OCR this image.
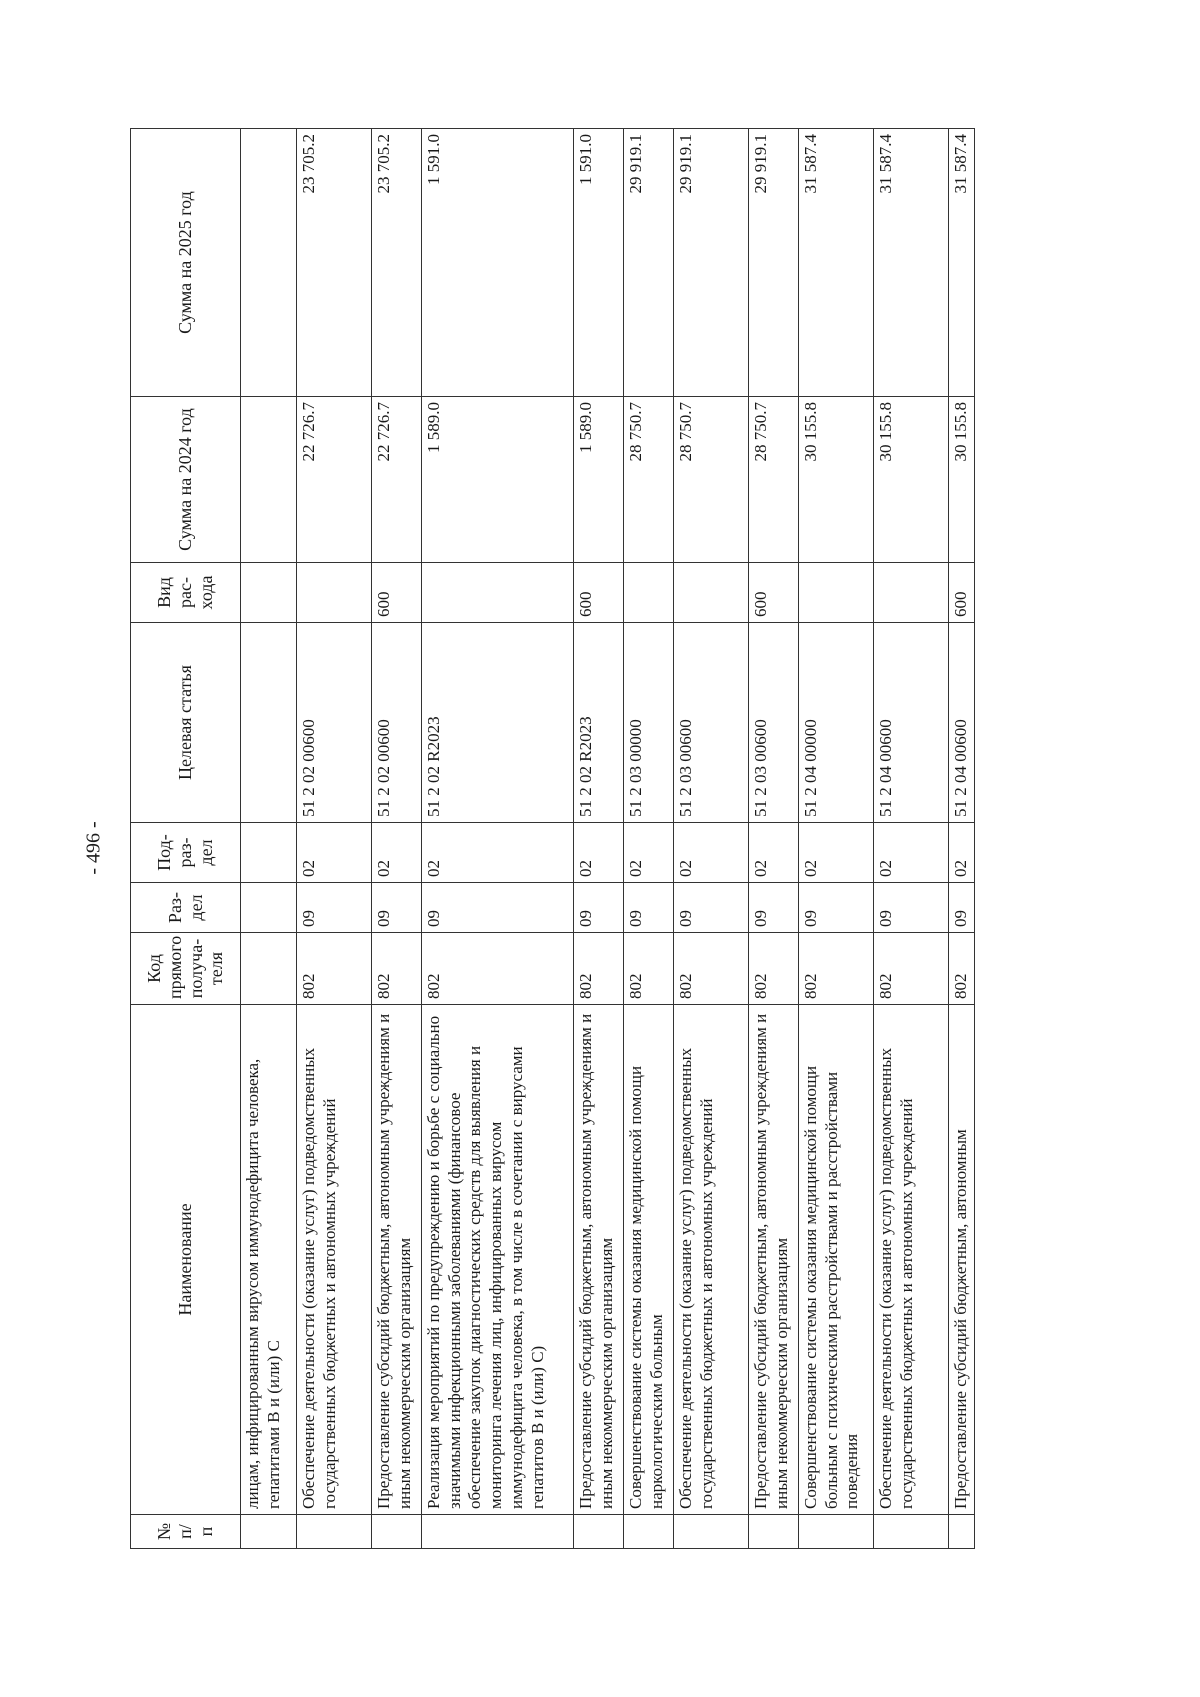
- 496 -
№ п/п	Наименование	Код прямого получа-теля	Раз-дел	Под-раз-дел	Целевая статья	Вид рас-хода	Сумма на 2024 год	Сумма на 2025 год
	лицам, инфицированным вирусом иммунодефицита человека, гепатитами В и (или) С							
	Обеспечение деятельности (оказание услуг) подведомственных государственных бюджетных и автономных учреждений	802	09	02	51 2 02 00600		22 726.7	23 705.2
	Предоставление субсидий бюджетным, автономным учреждениям и иным некоммерческим организациям	802	09	02	51 2 02 00600	600	22 726.7	23 705.2
	Реализация мероприятий по предупреждению и борьбе с социально значимыми инфекционными заболеваниями (финансовое обеспечение закупок диагностических средств для выявления и мониторинга лечения лиц, инфицированных вирусом иммунодефицита человека, в том числе в сочетании с вирусами гепатитов В и (или) С)	802	09	02	51 2 02 R2023		1 589.0	1 591.0
	Предоставление субсидий бюджетным, автономным учреждениям и иным некоммерческим организациям	802	09	02	51 2 02 R2023	600	1 589.0	1 591.0
	Совершенствование системы оказания медицинской помощи наркологическим больным	802	09	02	51 2 03 00000		28 750.7	29 919.1
	Обеспечение деятельности (оказание услуг) подведомственных государственных бюджетных и автономных учреждений	802	09	02	51 2 03 00600		28 750.7	29 919.1
	Предоставление субсидий бюджетным, автономным учреждениям и иным некоммерческим организациям	802	09	02	51 2 03 00600	600	28 750.7	29 919.1
	Совершенствование системы оказания медицинской помощи больным с психическими расстройствами и расстройствами поведения	802	09	02	51 2 04 00000		30 155.8	31 587.4
	Обеспечение деятельности (оказание услуг) подведомственных государственных бюджетных и автономных учреждений	802	09	02	51 2 04 00600		30 155.8	31 587.4
	Предоставление субсидий бюджетным, автономным	802	09	02	51 2 04 00600	600	30 155.8	31 587.4
